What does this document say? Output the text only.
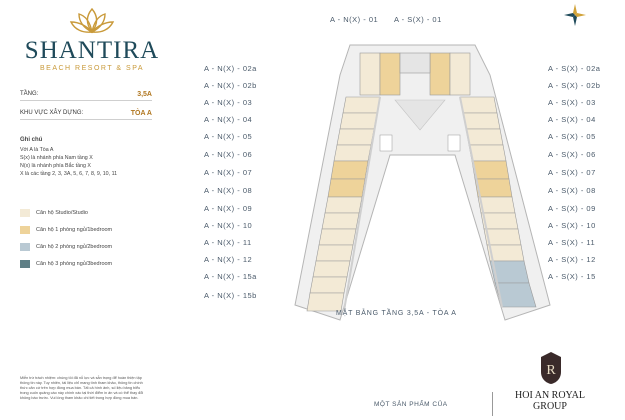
SHANTIRA
BEACH RESORT & SPA
TẦNG:	3,5A
KHU VỰC XÂY DỰNG:	TÒA A
Ghi chú
Với A là Tòa A
S(x) là nhánh phía Nam tầng X
N(x) là nhánh phía Bắc tầng X
X là các tầng 2, 3, 3A, 5, 6, 7, 8, 9, 10, 11
Căn hộ Studio/Studio
Căn hộ 1 phòng ngủ/1bedroom
Căn hộ 2 phòng ngủ/2bedroom
Căn hộ 3 phòng ngủ/3bedroom
Miễn trừ trách nhiệm: chúng tôi đã nỗ lực và sẵn trọng để hoàn thiện tập thông tin này. Tuy nhiên, tài liệu chỉ mang tính tham khảo, thông tin chính thức căn cứ trên hợp đồng mua bán. Tất cả hình ảnh, số liệu bảng biểu trong cuốn quảng cáo này chính xác tại thời điểm in ấn và có thể thay đổi không báo trước. Vui lòng tham khảo chi tiết trong hợp đồng mua bán.
A - N(X) - 01
A - N(X) - 02a
A - N(X) - 02b
A - N(X) - 03
A - N(X) - 04
A - N(X) - 05
A - N(X) - 06
A - N(X) - 07
A - N(X) - 08
A - N(X) - 09
A - N(X) - 10
A - N(X) - 11
A - N(X) - 12
A - N(X) - 15a
A - N(X) - 15b
A - S(X) - 01
A - S(X) - 02a
A - S(X) - 02b
A - S(X) - 03
A - S(X) - 04
A - S(X) - 05
A - S(X) - 06
A - S(X) - 07
A - S(X) - 08
A - S(X) - 09
A - S(X) - 10
A - S(X) - 11
A - S(X) - 12
A - S(X) - 15
MẶT BẰNG TẦNG 3,5A - TÒA A
MỘT SẢN PHẨM CỦA
R
HOI AN ROYAL
GROUP
